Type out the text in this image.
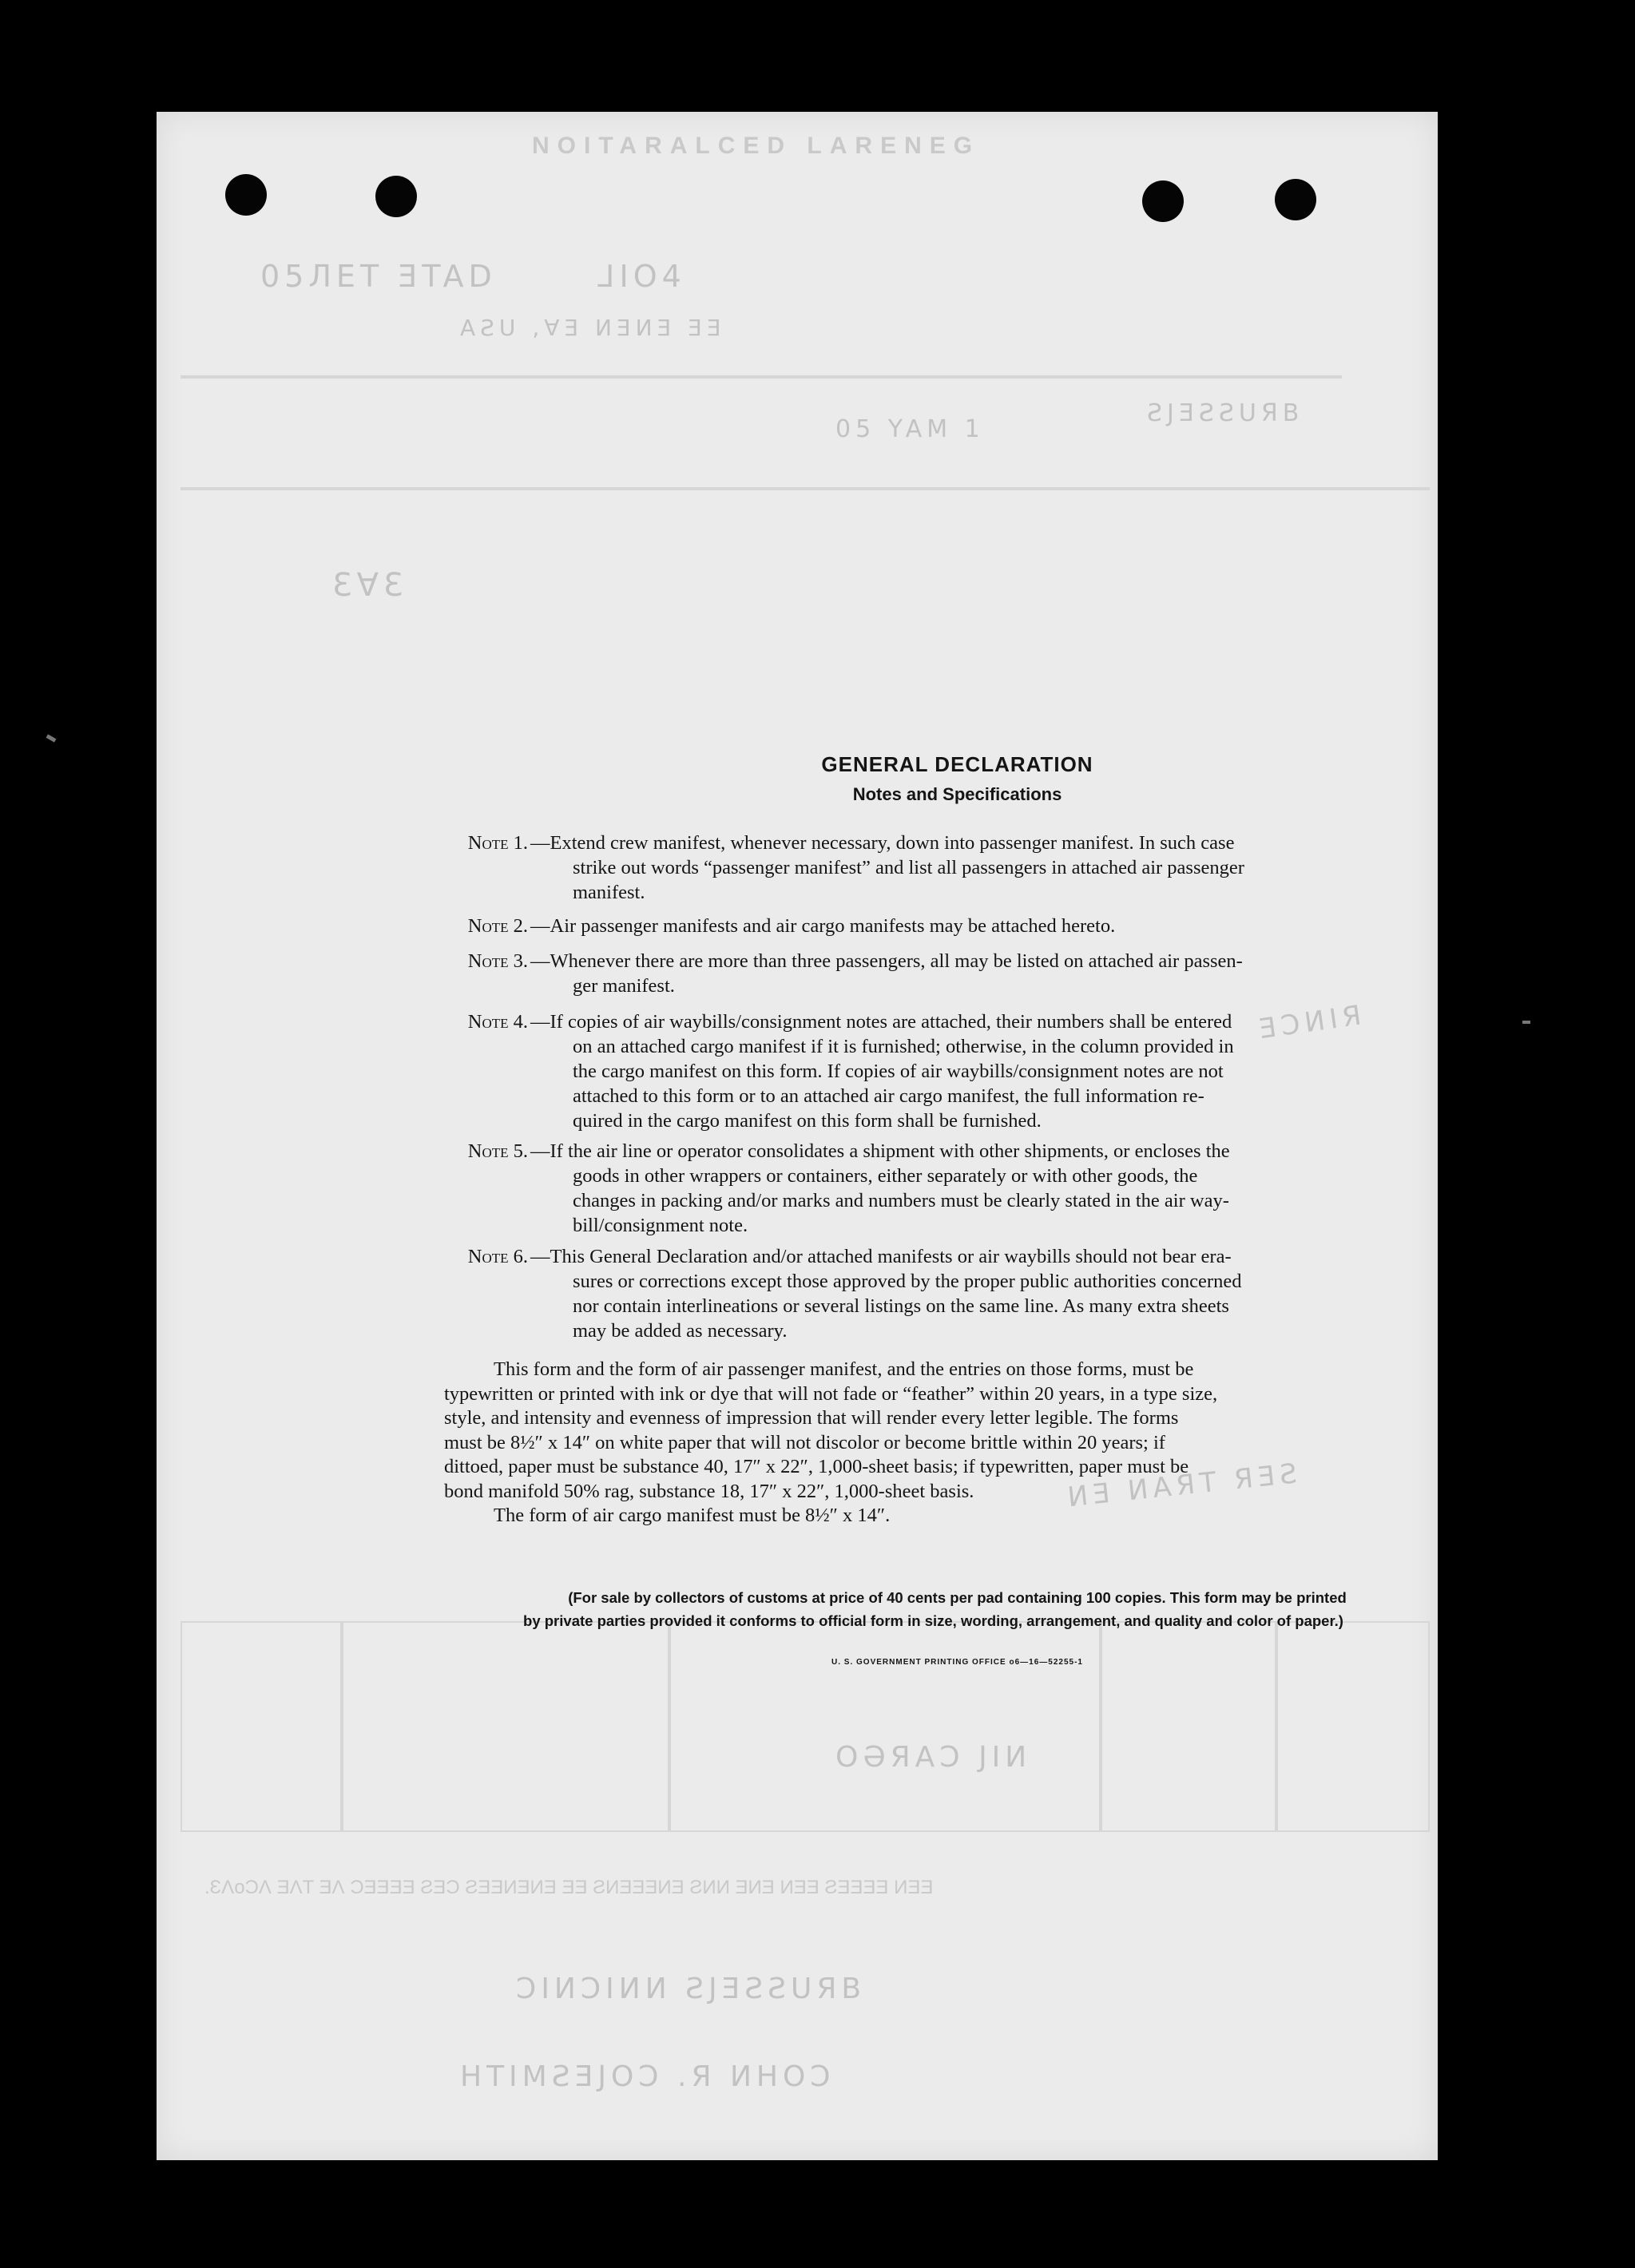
NOITARALCED LARENEG
05ЛЕТ ƎTAD       ⅃IO4
AƧU ,ⱯƎ ИƎИƎ ƎƎ
ƧЈƎƧƧUЯB
05 YAM 1
ƐⱯƐ
ƎƆИIЯ
ИƎ ИAЯT ЯƎƧ
OƏЯAƆ ЈIИ
.ƐɅoƆɅ ƎɅT ƎɅ ƆƎƎƎƎ ƧƎƆ ƧƎƎИƎИƎ ƎƎ ƧИƎƎƎИƎ ƧИИ ƎИƎ ИƎƎ ƧƎƎƎƎ ИƎƎ
ƆIИƆIИИ ƧЈƎƧƧUЯB
HTIMƧƎЈOƆ .Я ИHOƆ
GENERAL DECLARATION
Notes and Specifications
Note 1. —Extend crew manifest, whenever necessary, down into passenger manifest. In such case
strike out words “passenger manifest” and list all passengers in attached air passenger
manifest.
Note 2. —Air passenger manifests and air cargo manifests may be attached hereto.
Note 3. —Whenever there are more than three passengers, all may be listed on attached air passen-
ger manifest.
Note 4. —If copies of air waybills/consignment notes are attached, their numbers shall be entered
on an attached cargo manifest if it is furnished; otherwise, in the column provided in
the cargo manifest on this form. If copies of air waybills/consignment notes are not
attached to this form or to an attached air cargo manifest, the full information re-
quired in the cargo manifest on this form shall be furnished.
Note 5. —If the air line or operator consolidates a shipment with other shipments, or encloses the
goods in other wrappers or containers, either separately or with other goods, the
changes in packing and/or marks and numbers must be clearly stated in the air way-
bill/consignment note.
Note 6. —This General Declaration and/or attached manifests or air waybills should not bear era-
sures or corrections except those approved by the proper public authorities concerned
nor contain interlineations or several listings on the same line. As many extra sheets
may be added as necessary.
This form and the form of air passenger manifest, and the entries on those forms, must be
typewritten or printed with ink or dye that will not fade or “feather” within 20 years, in a type size,
style, and intensity and evenness of impression that will render every letter legible. The forms
must be 8½″ x 14″ on white paper that will not discolor or become brittle within 20 years; if
dittoed, paper must be substance 40, 17″ x 22″, 1,000-sheet basis; if typewritten, paper must be
bond manifold 50% rag, substance 18, 17″ x 22″, 1,000-sheet basis.
The form of air cargo manifest must be 8½″ x 14″.
(For sale by collectors of customs at price of 40 cents per pad containing 100 copies. This form may be printed
by private parties provided it conforms to official form in size, wording, arrangement, and quality and color of paper.)
U. S. GOVERNMENT PRINTING OFFICE o6—16—52255-1
